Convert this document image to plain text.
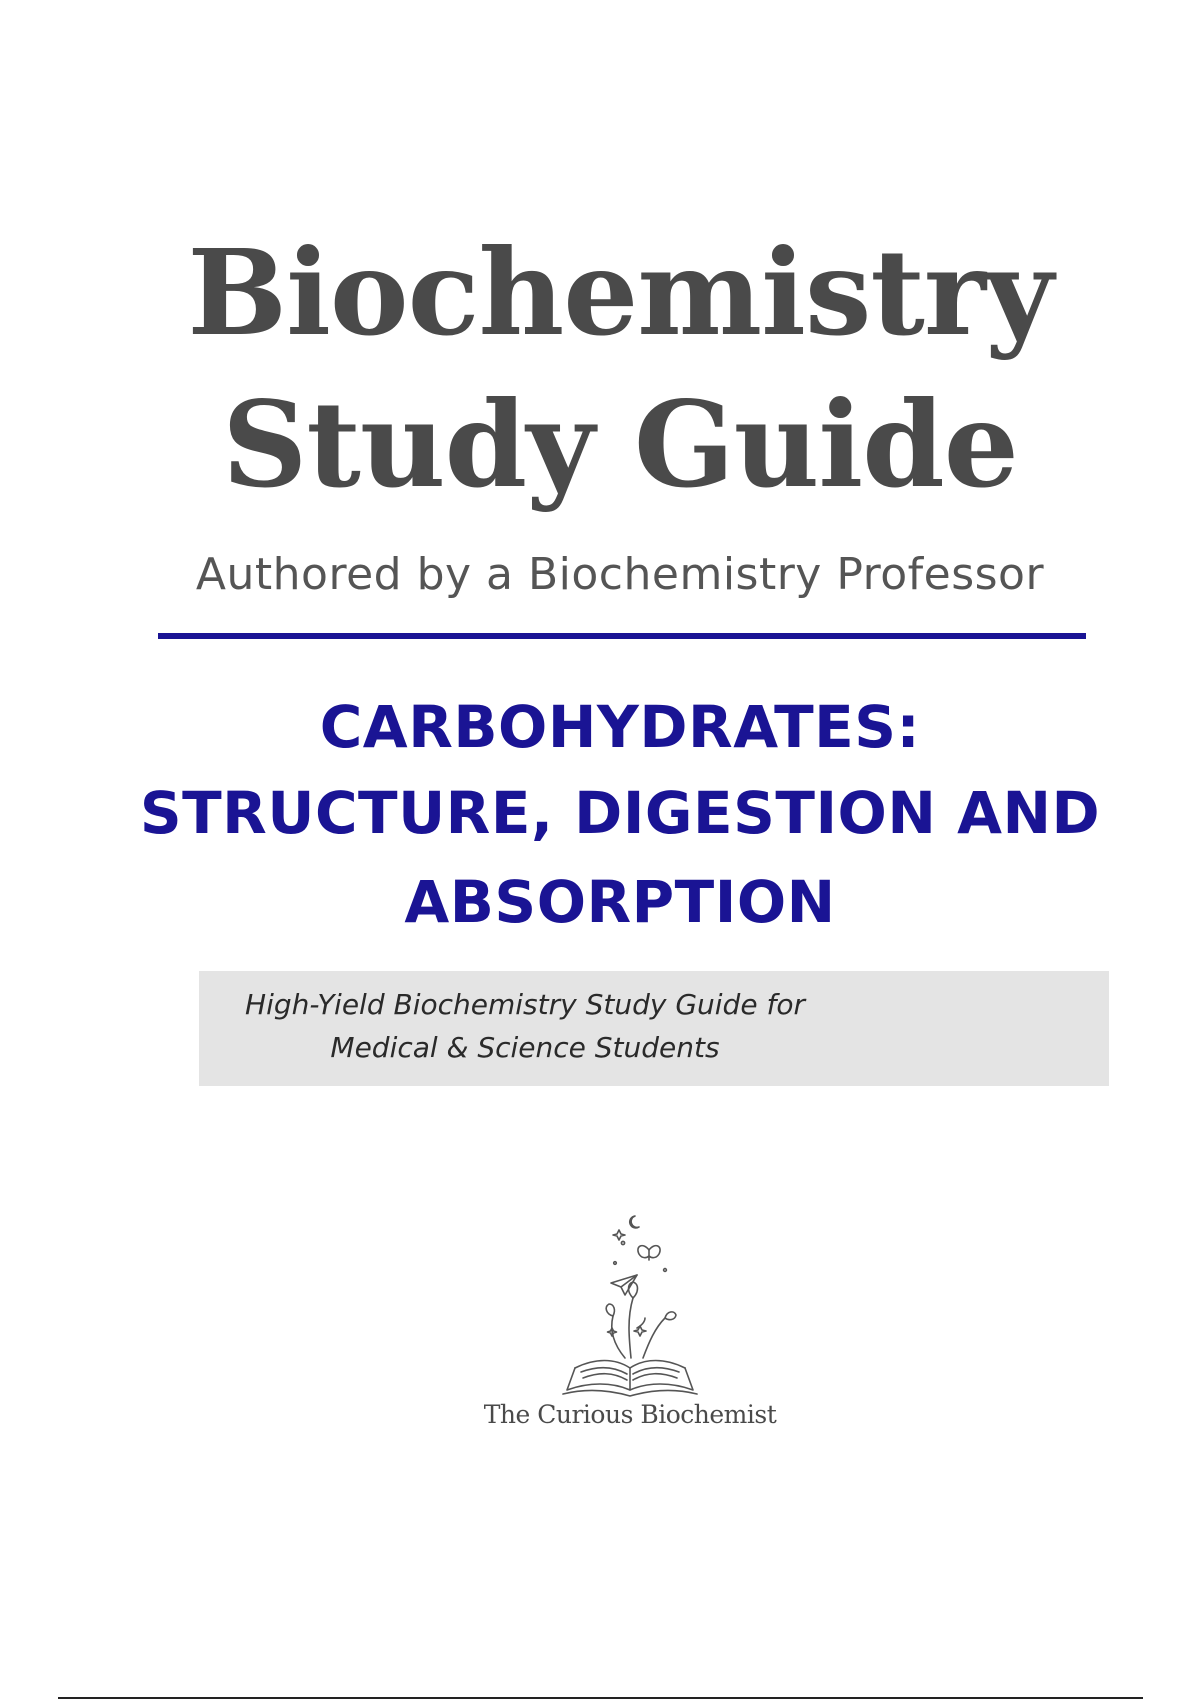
Biochemistry
Study Guide
Authored by a Biochemistry Professor
CARBOHYDRATES:
STRUCTURE, DIGESTION AND
ABSORPTION
High-Yield Biochemistry Study Guide for
Medical & Science Students
The Curious Biochemist
